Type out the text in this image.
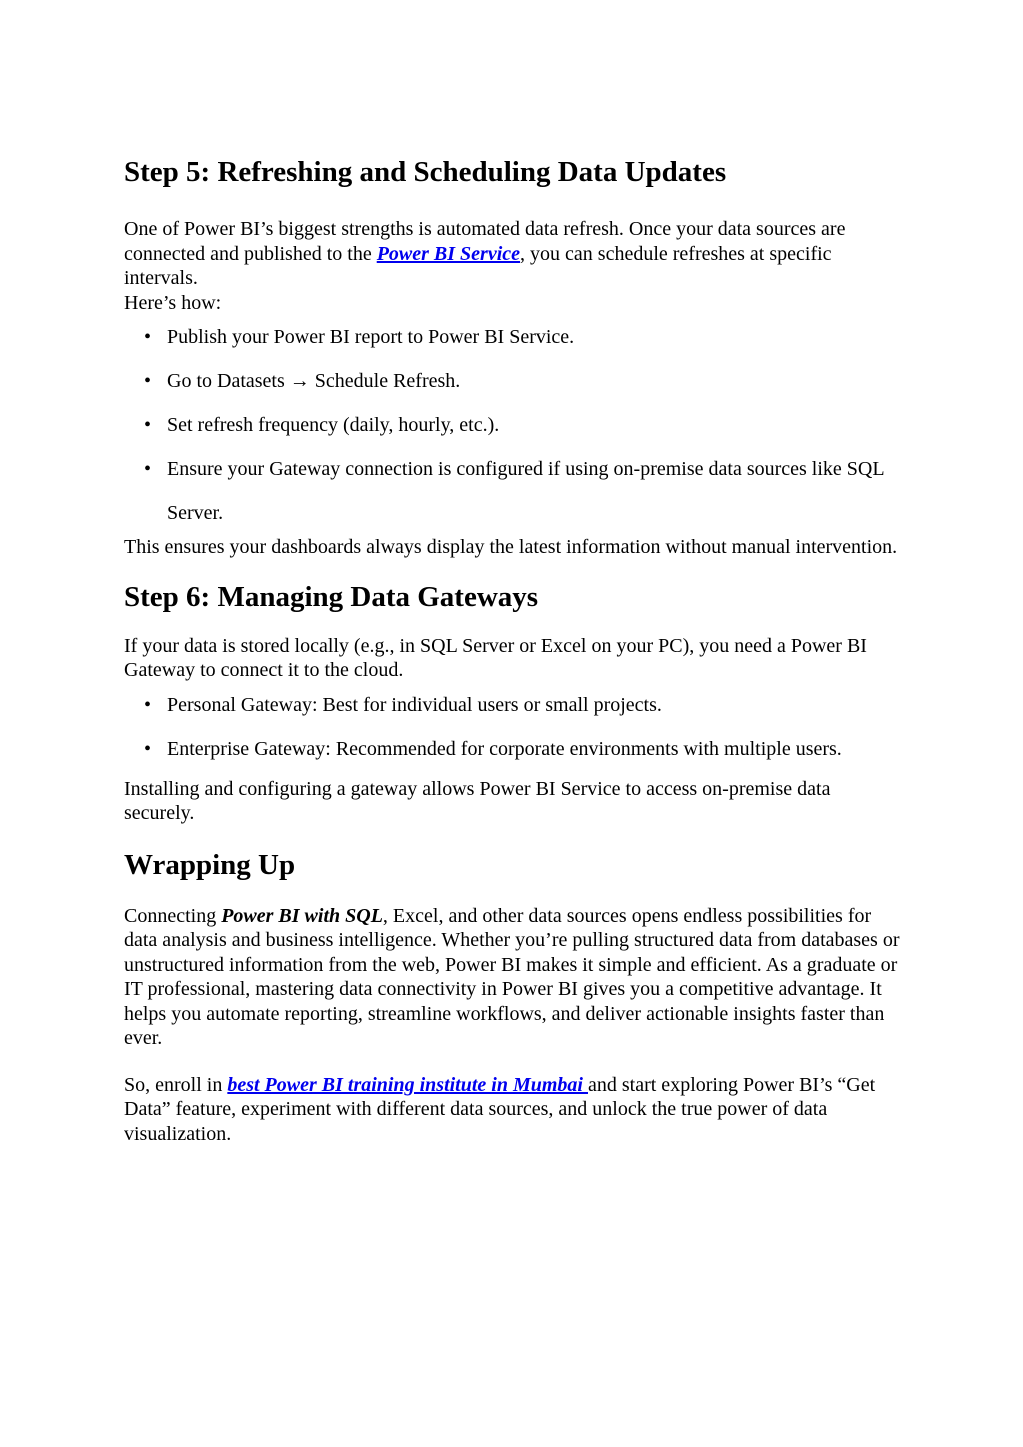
Step 5: Refreshing and Scheduling Data Updates

One of Power BI’s biggest strengths is automated data refresh. Once your data sources are connected and published to the Power BI Service, you can schedule refreshes at specific intervals.
Here’s how:

• Publish your Power BI report to Power BI Service.
• Go to Datasets → Schedule Refresh.
• Set refresh frequency (daily, hourly, etc.).
• Ensure your Gateway connection is configured if using on-premise data sources like SQL Server.

This ensures your dashboards always display the latest information without manual intervention.

Step 6: Managing Data Gateways

If your data is stored locally (e.g., in SQL Server or Excel on your PC), you need a Power BI Gateway to connect it to the cloud.

• Personal Gateway: Best for individual users or small projects.
• Enterprise Gateway: Recommended for corporate environments with multiple users.

Installing and configuring a gateway allows Power BI Service to access on-premise data securely.

Wrapping Up

Connecting Power BI with SQL, Excel, and other data sources opens endless possibilities for data analysis and business intelligence. Whether you’re pulling structured data from databases or unstructured information from the web, Power BI makes it simple and efficient. As a graduate or IT professional, mastering data connectivity in Power BI gives you a competitive advantage. It helps you automate reporting, streamline workflows, and deliver actionable insights faster than ever.

So, enroll in best Power BI training institute in Mumbai and start exploring Power BI’s “Get Data” feature, experiment with different data sources, and unlock the true power of data visualization.
